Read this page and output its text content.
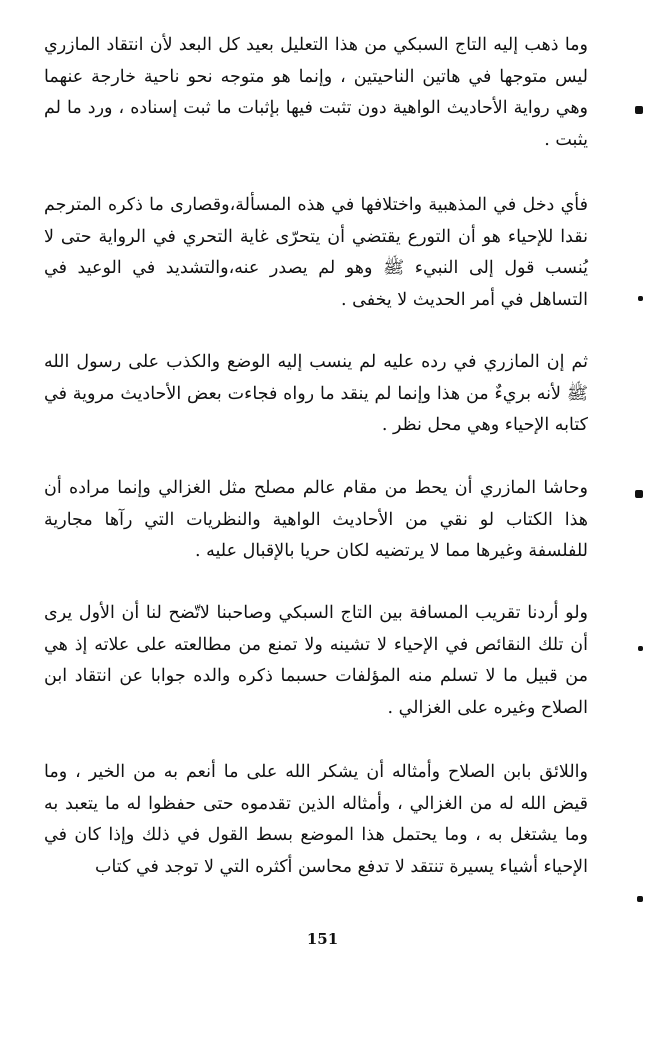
وما ذهب إليه التاج السبكي من هذا التعليل بعيد كل البعد لأن انتقاد المازري ليس متوجها في هاتين الناحيتين ، وإنما هو متوجه نحو ناحية خارجة عنهما وهي رواية الأحاديث الواهية دون تثبت فيها بإثبات ما ثبت إسناده ، ورد ما لم يثبت .

فأي دخل في المذهبية واختلافها في هذه المسألة،وقصارى ما ذكره المترجم نقدا للإحياء هو أن التورع يقتضي أن يتحرّى غاية التحري في الرواية حتى لا يُنسب قول إلى النبيء ﷺ وهو لم يصدر عنه،والتشديد في الوعيد في التساهل في أمر الحديث لا يخفى .

ثم إن المازري في رده عليه لم ينسب إليه الوضع والكذب على رسول الله ﷺ لأنه بريءٌ من هذا وإنما لم ينقد ما رواه فجاءت بعض الأحاديث مروية في كتابه الإحياء وهي محل نظر .

وحاشا المازري أن يحط من مقام عالم مصلح مثل الغزالي وإنما مراده أن هذا الكتاب لو نقي من الأحاديث الواهية والنظريات التي رآها مجارية للفلسفة وغيرها مما لا يرتضيه لكان حريا بالإقبال عليه .

ولو أردنا تقريب المسافة بين التاج السبكي وصاحبنا لاتّضح لنا أن الأول يرى أن تلك النقائص في الإحياء لا تشينه ولا تمنع من مطالعته على علاته إذ هي من قبيل ما لا تسلم منه المؤلفات حسبما ذكره والده جوابا عن انتقاد ابن الصلاح وغيره على الغزالي .

واللائق بابن الصلاح وأمثاله أن يشكر الله على ما أنعم به من الخير ، وما قيض الله له من الغزالي ، وأمثاله الذين تقدموه حتى حفظوا له ما يتعبد به وما يشتغل به ، وما يحتمل هذا الموضع بسط القول في ذلك وإذا كان في الإحياء أشياء يسيرة تنتقد لا تدفع محاسن أكثره التي لا توجد في كتاب

151
